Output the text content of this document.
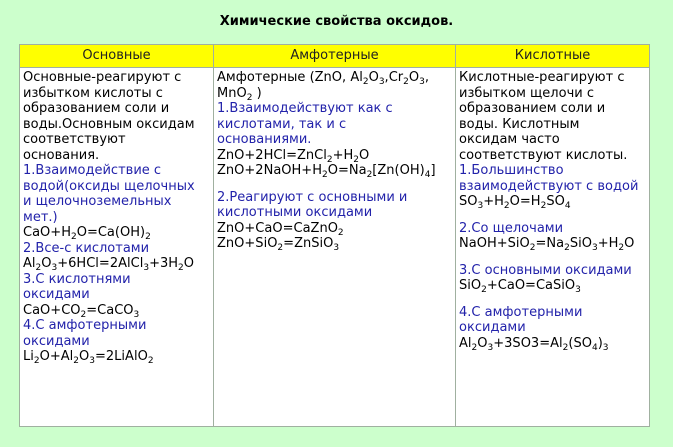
Химические свойства оксидов.
Основные	Амфотерные	Кислотные
Основные-реагируют с
избытком кислоты с
образованием соли и
воды.Основным оксидам
соответствуют
основания.
1.Взаимодействие с
водой(оксиды щелочных
и щелочноземельных
мет.)
$CaO+H_2O=Ca(OH)_2$
2.Все-с кислотами
$Al_2O_3+6HCl=2AlCl_3+3H_2O$
3.С кислотнями
оксидами
$CaO+CO_2=CaCO_3$
4.С амфотерными
оксидами
$Li_2O+Al_2O_3=2LiAlO_2$
Амфотерные (ZnO, $Al_2O_3,Cr_2O_3$,
MnO$_2$ )
1.Взаимодействуют как с
кислотами, так и с
основаниями.
$ZnO+2HCl=ZnCl_2+H_2O$
$ZnO+2NaOH+H_2O=Na_2[Zn(OH)_4]$
2.Реагируют с основными и
кислотными оксидами
ZnO+CaO=CaZnO$_2$
ZnO+SiO$_2$=ZnSiO$_3$
Кислотные-реагируют с
избытком щелочи с
образованием соли и
воды. Кислотным
оксидам часто
соответствуют кислоты.
1.Большинство
взаимодействуют с водой
$SO_3+H_2O=H_2SO_4$
2.Со щелочами
$NaOH+SiO_2=Na_2SiO_3+H_2O$
3.С основными оксидами
SiO$_2$+CaO=CaSiO$_3$
4.С амфотерными
оксидами
$Al_2O_3+3SO3=Al_2(SO_4)_3$
